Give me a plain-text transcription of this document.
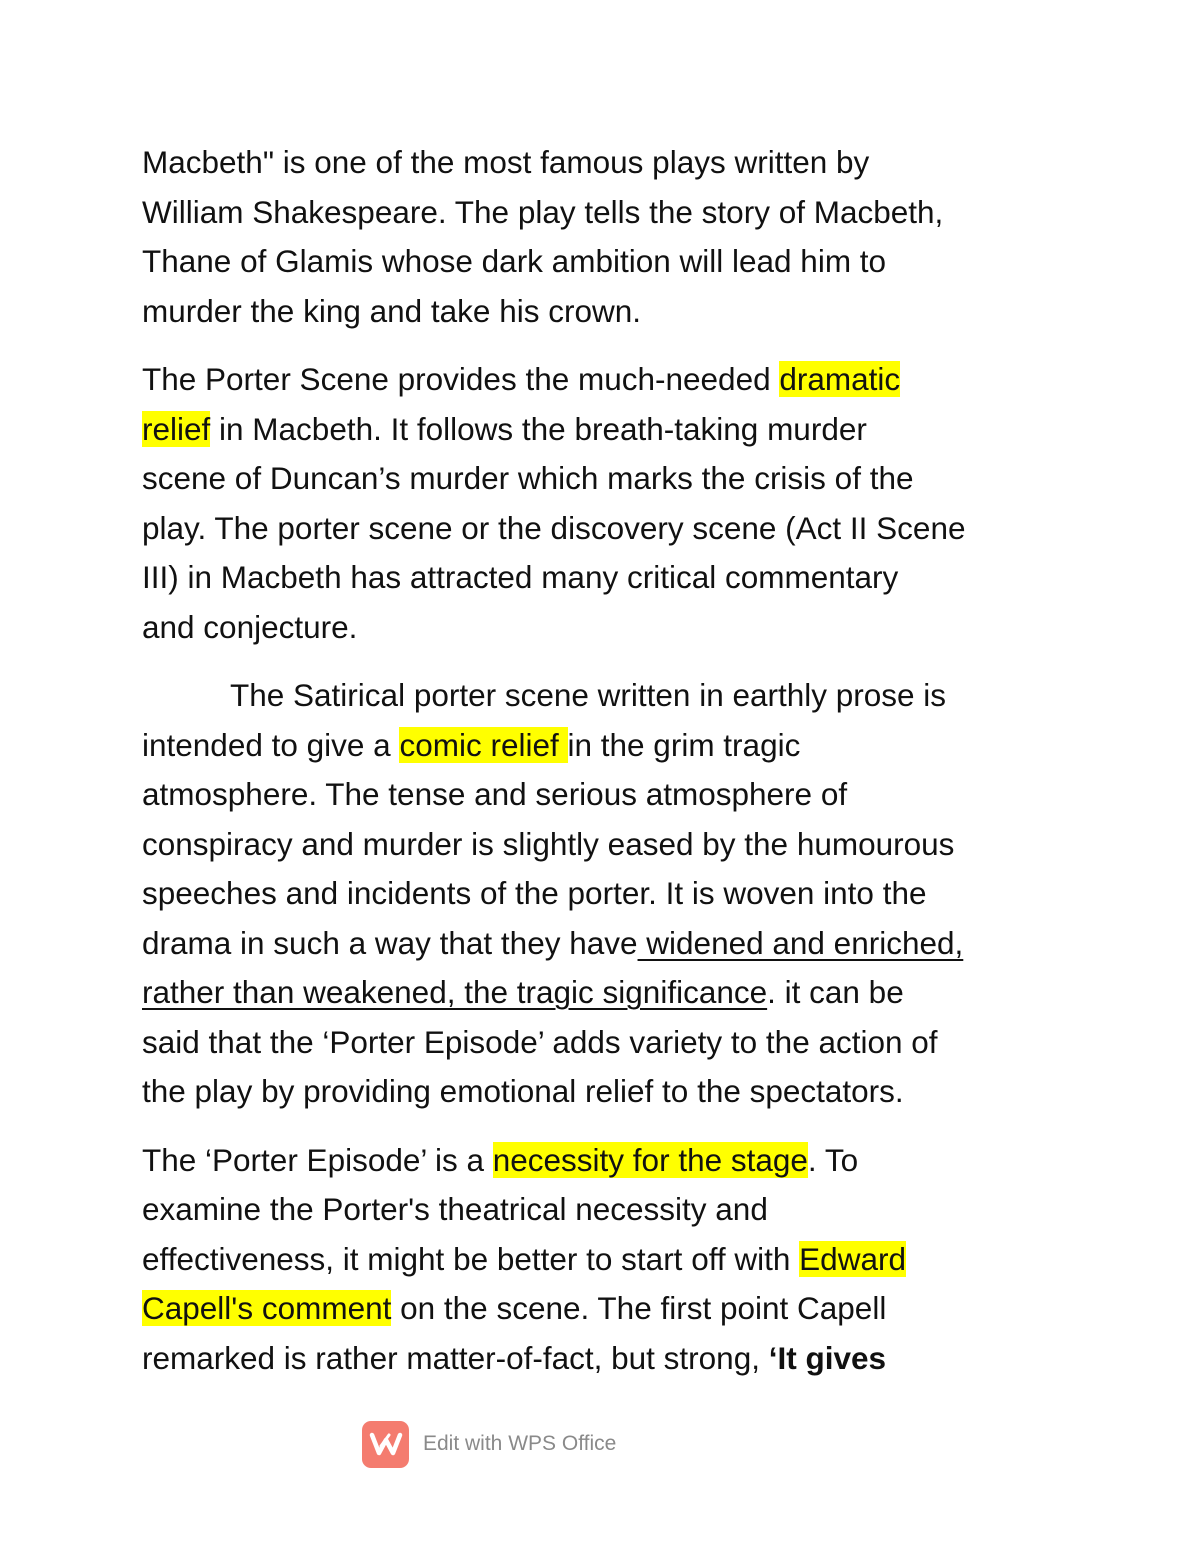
Macbeth" is one of the most famous plays written by
William Shakespeare. The play tells the story of Macbeth,
Thane of Glamis whose dark ambition will lead him to
murder the king and take his crown.

The Porter Scene provides the much-needed dramatic
relief in Macbeth. It follows the breath-taking murder
scene of Duncan’s murder which marks the crisis of the
play. The porter scene or the discovery scene (Act II Scene
III) in Macbeth has attracted many critical commentary
and conjecture.

The Satirical porter scene written in earthly prose is
intended to give a comic relief in the grim tragic
atmosphere. The tense and serious atmosphere of
conspiracy and murder is slightly eased by the humourous
speeches and incidents of the porter. It is woven into the
drama in such a way that they have widened and enriched,
rather than weakened, the tragic significance. it can be
said that the ‘Porter Episode’ adds variety to the action of
the play by providing emotional relief to the spectators.

The ‘Porter Episode’ is a necessity for the stage. To
examine the Porter's theatrical necessity and
effectiveness, it might be better to start off with Edward
Capell's comment on the scene. The first point Capell
remarked is rather matter-of-fact, but strong, ‘It gives

Edit with WPS Office
